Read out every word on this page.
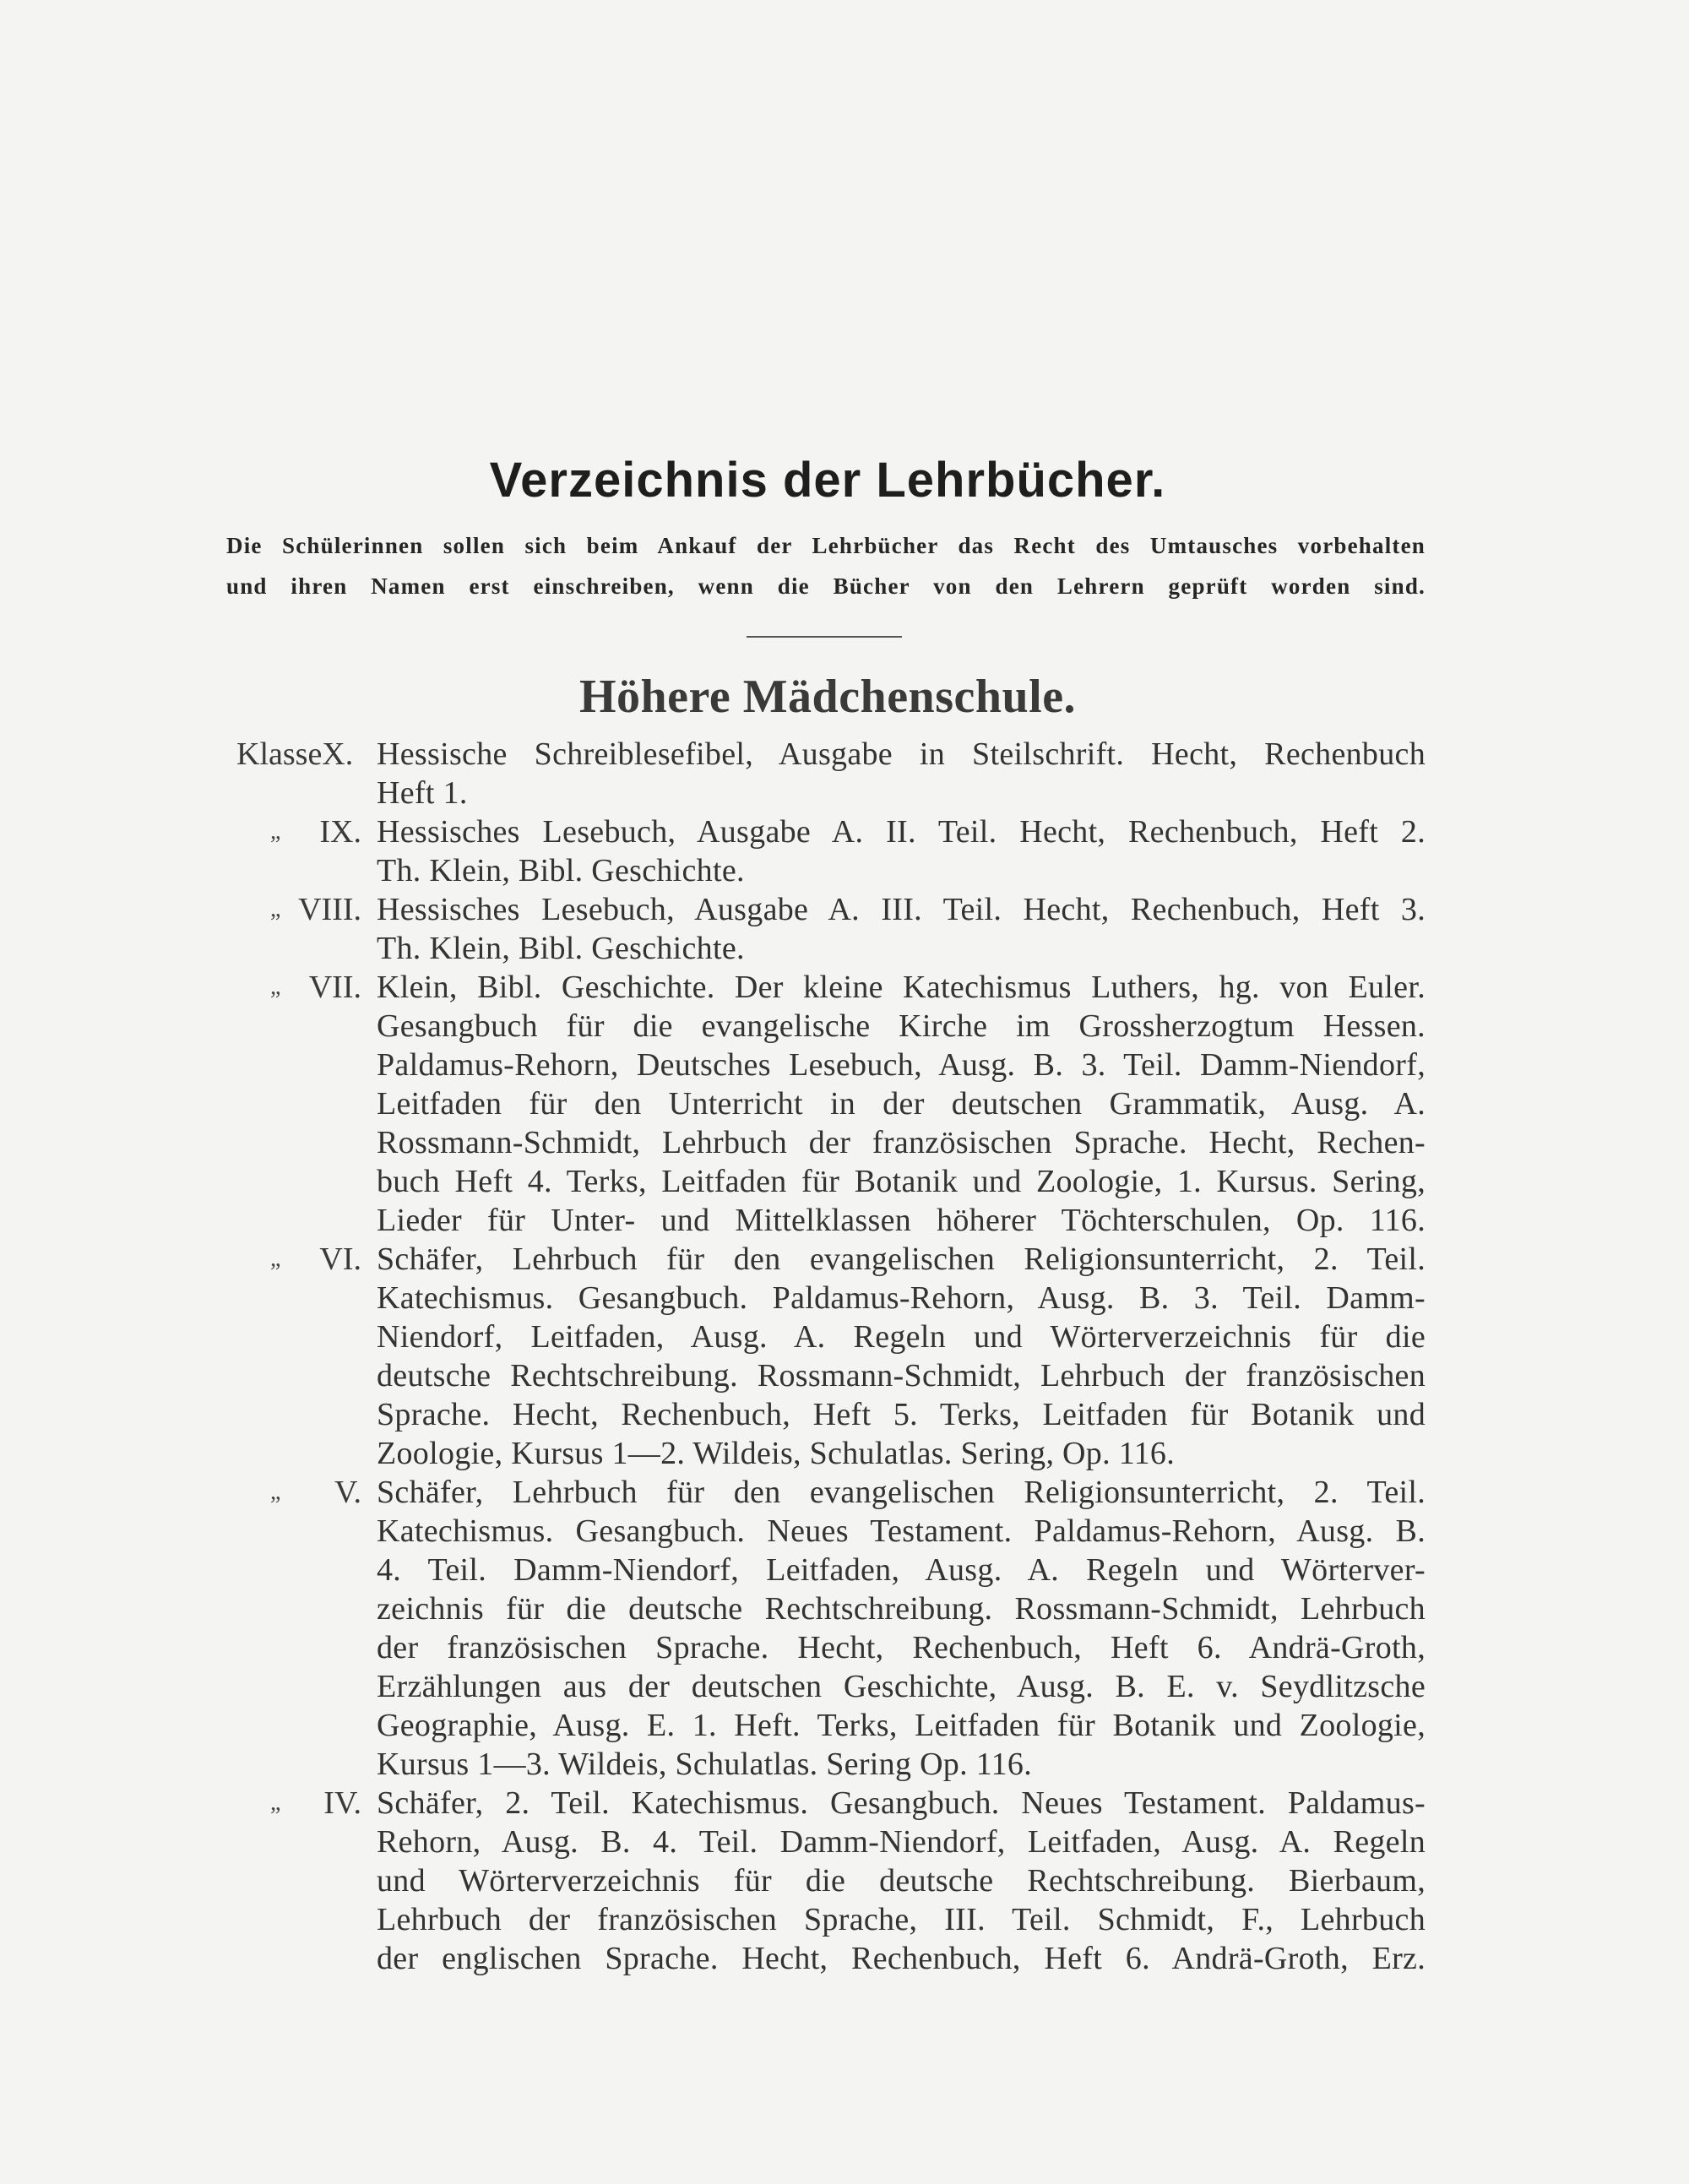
Verzeichnis der Lehrbücher.
Die Schülerinnen sollen sich beim Ankauf der Lehrbücher das Recht des Umtausches vorbehalten
und ihren Namen erst einschreiben, wenn die Bücher von den Lehrern geprüft worden sind.
Höhere Mädchenschule.
KlasseX. Hessische Schreiblesefibel, Ausgabe in Steilschrift. Hecht, Rechenbuch
Heft 1.
„	IX. Hessisches Lesebuch, Ausgabe A. II. Teil. Hecht, Rechenbuch, Heft 2.
Th. Klein, Bibl. Geschichte.
„ VIII. Hessisches Lesebuch, Ausgabe A. III. Teil. Hecht, Rechenbuch, Heft 3.
Th. Klein, Bibl. Geschichte.
„ VII. Klein, Bibl. Geschichte. Der kleine Katechismus Luthers, hg. von Euler.
Gesangbuch für die evangelische Kirche im Grossherzogtum Hessen.
Paldamus-Rehorn, Deutsches Lesebuch, Ausg. B. 3. Teil. Damm-Niendorf,
Leitfaden für den Unterricht in der deutschen Grammatik, Ausg. A.
Rossmann-Schmidt, Lehrbuch der französischen Sprache. Hecht, Rechen-
buch Heft 4. Terks, Leitfaden für Botanik und Zoologie, 1. Kursus. Sering,
Lieder für Unter- und Mittelklassen höherer Töchterschulen, Op. 116.
„	VI. Schäfer, Lehrbuch für den evangelischen Religionsunterricht, 2. Teil.
Katechismus. Gesangbuch. Paldamus-Rehorn, Ausg. B. 3. Teil. Damm-
Niendorf, Leitfaden, Ausg. A. Regeln und Wörterverzeichnis für die
deutsche Rechtschreibung. Rossmann-Schmidt, Lehrbuch der französischen
Sprache. Hecht, Rechenbuch, Heft 5. Terks, Leitfaden für Botanik und
Zoologie, Kursus 1—2. Wildeis, Schulatlas. Sering, Op. 116.
„	V. Schäfer, Lehrbuch für den evangelischen Religionsunterricht, 2. Teil.
Katechismus. Gesangbuch. Neues Testament. Paldamus-Rehorn, Ausg. B.
4. Teil. Damm-Niendorf, Leitfaden, Ausg. A. Regeln und Wörterver-
zeichnis für die deutsche Rechtschreibung. Rossmann-Schmidt, Lehrbuch
der französischen Sprache. Hecht, Rechenbuch, Heft 6. Andrä-Groth,
Erzählungen aus der deutschen Geschichte, Ausg. B. E. v. Seydlitzsche
Geographie, Ausg. E. 1. Heft. Terks, Leitfaden für Botanik und Zoologie,
Kursus 1—3. Wildeis, Schulatlas. Sering Op. 116.
„	IV. Schäfer, 2. Teil. Katechismus. Gesangbuch. Neues Testament. Paldamus-
Rehorn, Ausg. B. 4. Teil. Damm-Niendorf, Leitfaden, Ausg. A. Regeln
und Wörterverzeichnis für die deutsche Rechtschreibung. Bierbaum,
Lehrbuch der französischen Sprache, III. Teil. Schmidt, F., Lehrbuch
der englischen Sprache. Hecht, Rechenbuch, Heft 6. Andrä-Groth, Erz.
